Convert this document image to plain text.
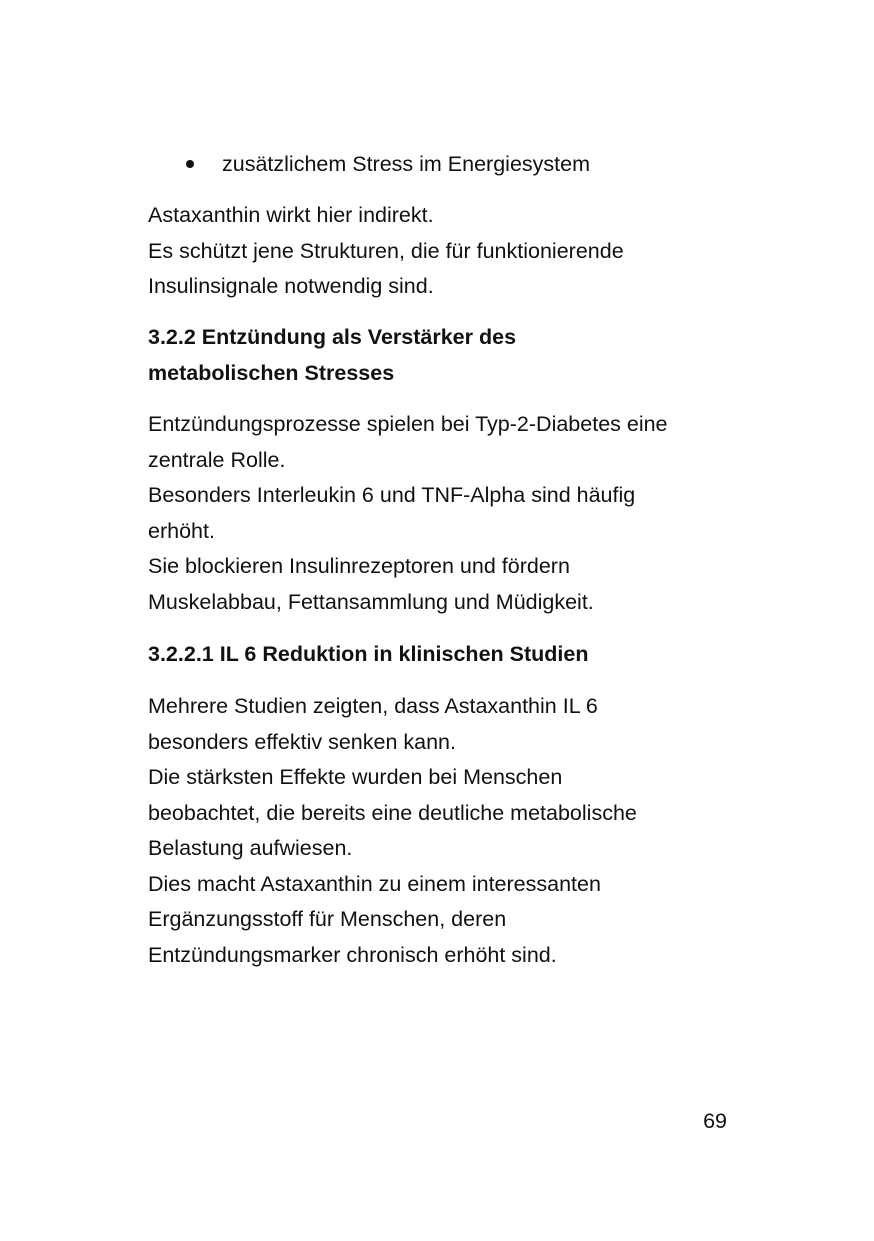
zusätzlichem Stress im Energiesystem

Astaxanthin wirkt hier indirekt.

Es schützt jene Strukturen, die für funktionierende

Insulinsignale notwendig sind.

3.2.2 Entzündung als Verstärker des
metabolischen Stresses

Entzündungsprozesse spielen bei Typ-2-Diabetes eine

zentrale Rolle.

Besonders Interleukin 6 und TNF-Alpha sind häufig

erhöht.

Sie blockieren Insulinrezeptoren und fördern

Muskelabbau, Fettansammlung und Müdigkeit.

3.2.2.1 IL 6 Reduktion in klinischen Studien

Mehrere Studien zeigten, dass Astaxanthin IL 6

besonders effektiv senken kann.

Die stärksten Effekte wurden bei Menschen

beobachtet, die bereits eine deutliche metabolische

Belastung aufwiesen.

Dies macht Astaxanthin zu einem interessanten

Ergänzungsstoff für Menschen, deren

Entzündungsmarker chronisch erhöht sind.

69
